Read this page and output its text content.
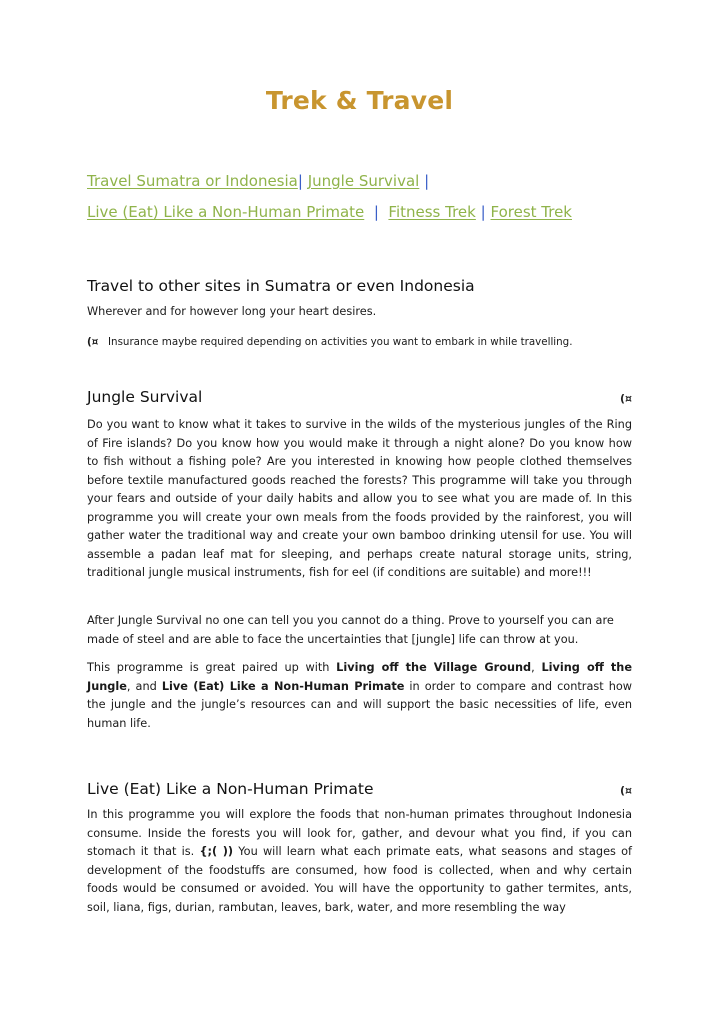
Trek & Travel
Travel Sumatra or Indonesia| Jungle Survival |
Live (Eat) Like a Non-Human Primate | Fitness Trek | Forest Trek
Travel to other sites in Sumatra or even Indonesia
Wherever and for however long your heart desires.
(¤ Insurance maybe required depending on activities you want to embark in while travelling.
Jungle Survival	(¤

Do you want to know what it takes to survive in the wilds of the mysterious jungles of the Ring of Fire islands? Do you know how you would make it through a night alone? Do you know how to fish without a fishing pole? Are you interested in knowing how people clothed themselves before textile manufactured goods reached the forests? This programme will take you through your fears and outside of your daily habits and allow you to see what you are made of. In this programme you will create your own meals from the foods provided by the rainforest, you will gather water the traditional way and create your own bamboo drinking utensil for use. You will assemble a padan leaf mat for sleeping, and perhaps create natural storage units, string, traditional jungle musical instruments, fish for eel (if conditions are suitable) and more!!!

After Jungle Survival no one can tell you you cannot do a thing. Prove to yourself you can are made of steel and are able to face the uncertainties that [jungle] life can throw at you.

This programme is great paired up with Living off the Village Ground, Living off the Jungle, and Live (Eat) Like a Non-Human Primate in order to compare and contrast how the jungle and the jungle’s resources can and will support the basic necessities of life, even human life.

Live (Eat) Like a Non-Human Primate	(¤

In this programme you will explore the foods that non-human primates throughout Indonesia consume. Inside the forests you will look for, gather, and devour what you find, if you can stomach it that is. {;( )) You will learn what each primate eats, what seasons and stages of development of the foodstuffs are consumed, how food is collected, when and why certain foods would be consumed or avoided. You will have the opportunity to gather termites, ants, soil, liana, figs, durian, rambutan, leaves, bark, water, and more resembling the way
